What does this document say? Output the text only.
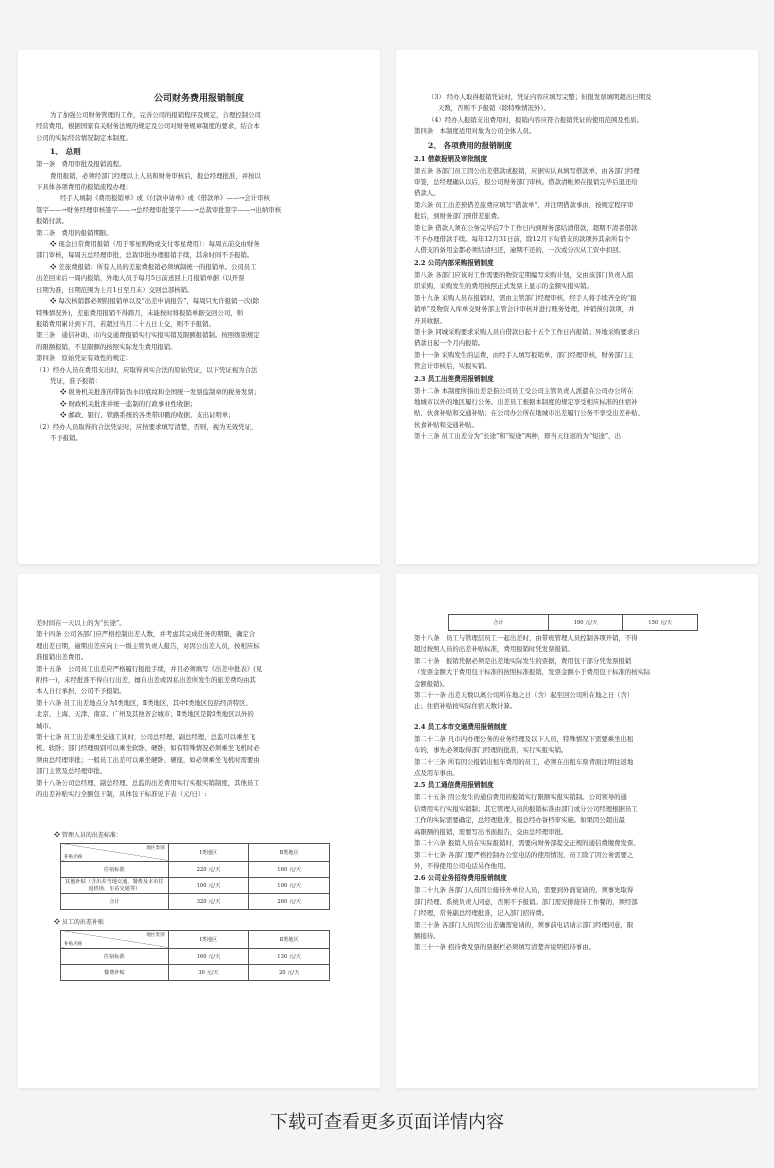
公司财务费用报销制度
为了加强公司财务管理的工作，完善公司的报销程序及规定，合理控制公司
经营费用，根据国家有关财务法规的规定及公司对财务规章制度的要求，结合本
公司的实际经营情况制定本制度。
1、 总则
第一条　费用审批及报销流程。
费用报销，必须经部门经理以上人员和财务审核后，报总经理批准，并按以
下具体各项费用的报销流程办理：
经手人填制《费用报销单》或《付款申请单》或《借款单》——→会计审核
签字——→财务经理审核签字——→总经理审批签字——→总裁审批签字——→出纳审核
报销付款。
第二条　费用的报销期限。
❖ 现金日常费用报销（用于零星购物或支付零星费用）：每周五前交由财务
部门审核，每周五总经理审批，总裁审批办理报销手续，其余时间不予报销。
❖ 差旅费报销：所有人员的差旅费报销必须填制统一的报销单。公司员工
出差回来后一周内报销，外地人员于每月5日前送回上月报销单据（以开票
日期为准，日期范围为上月1日至月末）交回总部核销。
❖ 每次核销都必须附报销单以及“出差申请报告”，每周只允许报销一次(除
特殊情况外)，差旅费用报销不得跨月，未能按时将报销单据交回公司，则
报销费用累计到下月，若超过当月二十五日上交，则不予报销。
第三条　通信补助、市内交通费报销实行实报实销及限额报销制。按照级别规定
的限额报销，不足限额的按照实际发生费用报销。
第四条　原始凭证有效性的规定：
（1）经办人员在费用支出时，应取得真实合法的原始凭证，以下凭证视为合法
凭证，准予报销：
❖ 税务机关批准的带防伪水印底纹和全国统一发票监制章的税务发票；
❖ 财政机关批准并统一监制的行政事业性收据；
❖ 邮政、银行、铁路系统的各类带印戳的收据、支出证明单；
（2）经办人员取得的合法凭证时，应按要求填写清楚，否则，视为无效凭证，
不予报销。
（3） 经办人取得报销凭证时，凭证内容应填写完整；但报发票填明超出日期及
天数，否则不予报销（除特殊情况外）。
（4）经办人报销支出费用时，报销内容应符合报销凭证的使用范围及性质。
第四条　本制度适用对象为公司全体人员。
2、 各项费用的报销制度
2.1 借款报销及审批制度
第五条 各部门员工因公出差借款或报销，应据实认真填写借款单，由各部门经理
审签，总经理确认以后，报公司财务部门审核。借款清帐须在报销完毕后退还给
借款人。
第六条 员工出差预借差旅费应填写“借款单”，并注明借款事由，按规定程序审
批后，到财务部门预借差旅费。
第七条 借款人须在公务完毕后7个工作日内到财务部结清借款，超期不清者借款
不予办理借款手续。每年12月31日前，除12月下旬借支的款项外其余所有个
人借支的备用金都必须结清归还，逾期不还的，一次或分次从工资中扣回。
2.2 公司内部采购报销制度
第八条 各部门应该对工作需要的物资定期编写采购计划，交由该部门负责人组
织采购，采购发生的费用按照正式发票上显示的金额实报实销。
第十九条 采购人员在报销时，需由主管部门经理审核，经手人将手续齐全的“报
销单”及物资入库单交财务部主管会计审核并进行账务处理，冲销预付款项，并
开具收据。
第十条 同城采购要求采购人员自借款日起十五个工作日内报销；异地采购要求自
借款日起一个月内报销。
第十一条 采购发生的运费，由经手人填写报销单，部门经理审核，财务部门主
管会计审核后，实报实销。
2.3 员工出差费用报销制度
第十二条 本制度所指出差是指公司员工受公司主管负责人派遣在公司办公所在
地城市以外的地区履行公务。出差员工根据本制度的规定享受相应标准的住宿补
贴、伙食补贴和交通补贴；在公司办公所在地城市出差履行公务不享受出差补贴、
伙食补贴和交通补贴。
第十三条 员工出差分为“长途”和“短途”两种，即当天往返的为“短途”，出
差时间在一天以上的为“长途”。
第十四条 公司各部门应严格控制出差人数，并考虑其完成任务的期限，确定合
理出差日期，逾期出差应向上一级主管负责人报告，对因公出差人员，按相应标
准报销出差费用。
第十五条　公司员工出差应严格履行报批手续，并且必须填写《出差申批表》(见
附件一)，未经批准不得自行出差，擅自出差或因私出差所发生的旅差费均由其
本人自行承担，公司不予报销。
第十六条 员工出差地点分为Ⅰ类地区，Ⅱ类地区，其中Ⅰ类地区包括经济特区、
北京、上海、天津、南京、广州及其他省会城市；Ⅱ类地区是除Ⅰ类地区以外的
城市。
第十七条 员工出差乘坐交通工具时，公司总经理、副总经理、总监可以乘坐飞
机、软卧；部门经理级别可以乘坐软卧、硬卧，如有特殊情况必须乘坐飞机时必
须由总经理审批；一般员工出差可以乘坐硬卧、硬座，如必须乘坐飞机时需要由
部门主管及总经理审批。
第十八条公司总经理、副总经理、总监的出差费用实行实报实销制度，其他员工
的出差补贴实行全额包干制，具体包干标准见下表（元/日）:
❖ 管理人员的出差标准：
地区类别
补贴名称	Ⅰ类地区	Ⅱ类地区
住宿标准	220 元/天	160 元/天
其他补贴（含出差当地交通、餐费及本市往返机场、车站交通等）	100 元/天	100 元/天
合计	320 元/天	260 元/天
❖ 员工的出差补贴
地区类别
补贴名称	Ⅰ类地区	Ⅱ类地区
住宿标准	160 元/天	130 元/天
餐费补贴	30 元/天	20 元/天
合计	190 元/天	150 元/天
第十八条　员工与管理层员工一起出差时，由带班管理人员控制各项开销，不得
超过按照人员的出差补贴标准，费用报销时凭发票报销。
第二十条　报销凭据必须是出差地实际发生的票据，费用包干部分凭发票报销
（发票金额大于费用包干标准的按照标准报销，发票金额小于费用包干标准的按实际
金额报销)。
第二十一条 出差天数以离公司所在地之日（含）起至回公司所在地之日（含）
止；住宿补贴按实际住宿天数计算。
2.4 员工本市交通费用报销制度
第二十二条 凡市内办理公务的业务经理及以下人员，特殊情况下需要乘坐出租
车的，事先必须取得部门经理的批准，实行实报实销。
第二十三条 所有因公报销出租车费用的员工，必须在出租车票背面注明往返地
点及用车事由。
2.5 员工通信费用报销制度
第二十五条 因公发生的通信费用的报销实行限额实报实销制。公司领导的通
信费用实行实报实销制；其它管理人员的报销标准由部门或分公司经理根据员工
工作的实际需要确定，总经理批准，报总经办备档审实施。如果因公超出最
高限额的报销，需要写出书面报告，交由总经理审批。
第二十六条 报销人员在实际报销时，需要向财务部提交正规的通信费缴费发票。
第二十七条 各部门要严格控制办公室电话的使用情况，员工除了因公务需要之
外，不得使用公司电话另作他用。
2.6 公司业务招待费用报销制度
第二十九条 各部门人员因公接待外单位人员，需要到外面宴请的，须事先取得
部门经理、系统负责人同意，否则不予报销。部门需安排接待工作餐的，须经部
门经理，常务副总经理批准，记入部门招待费。
第三十条 各部门人员因公出差确需宴请的，须事前电话请示部门经理同意，限
额接待。
第三十一条 招待费发票的票据栏必须填写清楚并说明招待事由。
下载可查看更多页面详情内容
